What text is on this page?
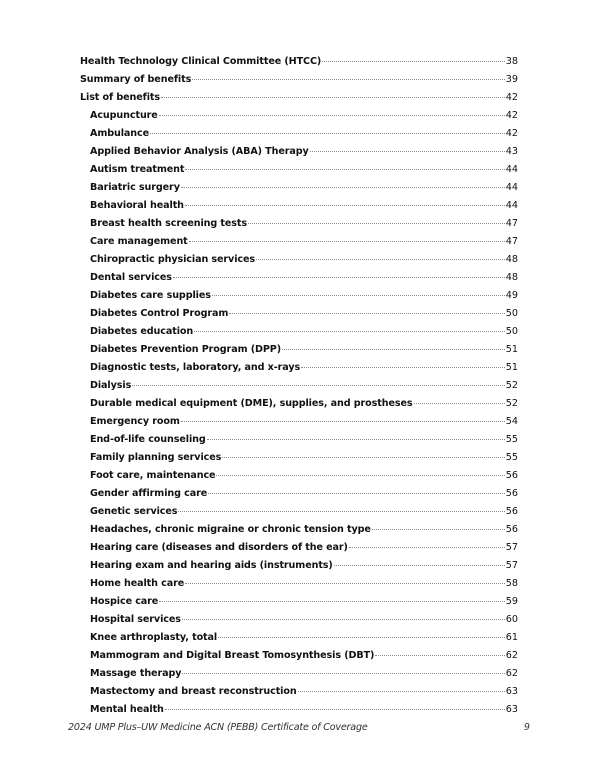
Health Technology Clinical Committee (HTCC)	38
Summary of benefits	39
List of benefits	42
Acupuncture	42
Ambulance	42
Applied Behavior Analysis (ABA) Therapy	43
Autism treatment	44
Bariatric surgery	44
Behavioral health	44
Breast health screening tests	47
Care management	47
Chiropractic physician services	48
Dental services	48
Diabetes care supplies	49
Diabetes Control Program	50
Diabetes education	50
Diabetes Prevention Program (DPP)	51
Diagnostic tests, laboratory, and x-rays	51
Dialysis	52
Durable medical equipment (DME), supplies, and prostheses	52
Emergency room	54
End-of-life counseling	55
Family planning services	55
Foot care, maintenance	56
Gender affirming care	56
Genetic services	56
Headaches, chronic migraine or chronic tension type	56
Hearing care (diseases and disorders of the ear)	57
Hearing exam and hearing aids (instruments)	57
Home health care	58
Hospice care	59
Hospital services	60
Knee arthroplasty, total	61
Mammogram and Digital Breast Tomosynthesis (DBT)	62
Massage therapy	62
Mastectomy and breast reconstruction	63
Mental health	63
2024 UMP Plus–UW Medicine ACN (PEBB) Certificate of Coverage	9
